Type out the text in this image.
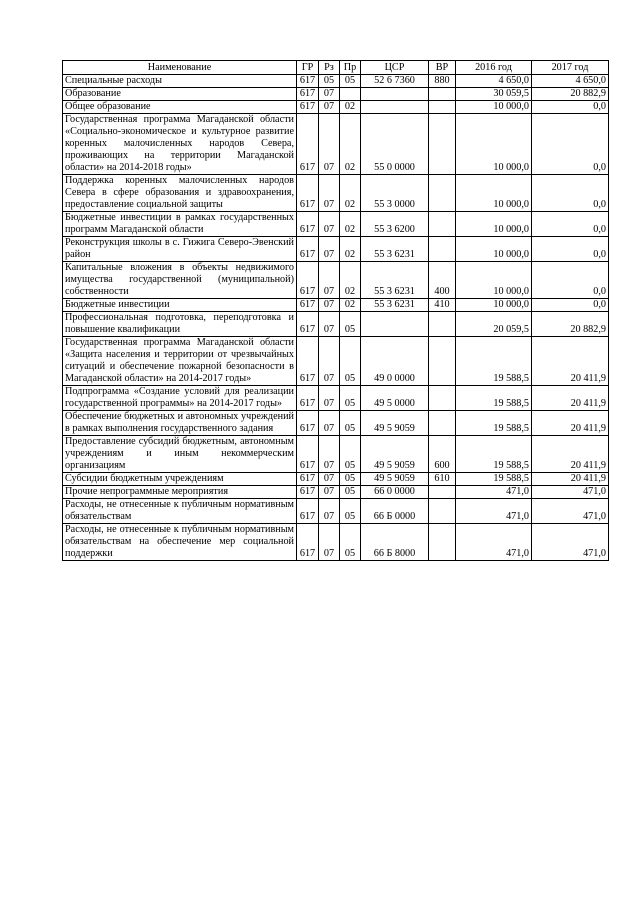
Наименование	ГР	Рз	Пр	ЦСР	ВР	2016 год	2017 год
Специальные расходы	617	05	05	52 6 7360	880	4 650,0	4 650,0
Образование	617	07				30 059,5	20 882,9
Общее образование	617	07	02			10 000,0	0,0
Государственная программа Магаданской области «Социально-экономическое и культурное развитие коренных малочисленных народов Севера, проживающих на территории Магаданской области» на 2014-2018 годы»	617	07	02	55 0 0000		10 000,0	0,0
Поддержка коренных малочисленных народов Севера в сфере образования и здравоохранения, предоставление социальной защиты	617	07	02	55 3 0000		10 000,0	0,0
Бюджетные инвестиции в рамках государственных программ Магаданской области	617	07	02	55 3 6200		10 000,0	0,0
Реконструкция школы в с. Гижига Северо-Эвенский район	617	07	02	55 3 6231		10 000,0	0,0
Капитальные вложения в объекты недвижимого имущества государственной (муниципальной) собственности	617	07	02	55 3 6231	400	10 000,0	0,0
Бюджетные инвестиции	617	07	02	55 3 6231	410	10 000,0	0,0
Профессиональная подготовка, переподготовка и повышение квалификации	617	07	05			20 059,5	20 882,9
Государственная программа Магаданской области «Защита населения и территории от чрезвычайных ситуаций и обеспечение пожарной безопасности в Магаданской области» на 2014-2017 годы»	617	07	05	49 0 0000		19 588,5	20 411,9
Подпрограмма «Создание условий для реализации государственной программы» на 2014-2017 годы»	617	07	05	49 5 0000		19 588,5	20 411,9
Обеспечение бюджетных и автономных учреждений в рамках выполнения государственного задания	617	07	05	49 5 9059		19 588,5	20 411,9
Предоставление субсидий бюджетным, автономным учреждениям и иным некоммерческим организациям	617	07	05	49 5 9059	600	19 588,5	20 411,9
Субсидии бюджетным учреждениям	617	07	05	49 5 9059	610	19 588,5	20 411,9
Прочие непрограммные мероприятия	617	07	05	66 0 0000		471,0	471,0
Расходы, не отнесенные к публичным нормативным обязательствам	617	07	05	66 Б 0000		471,0	471,0
Расходы, не отнесенные к публичным нормативным обязательствам на обеспечение мер социальной поддержки	617	07	05	66 Б 8000		471,0	471,0
